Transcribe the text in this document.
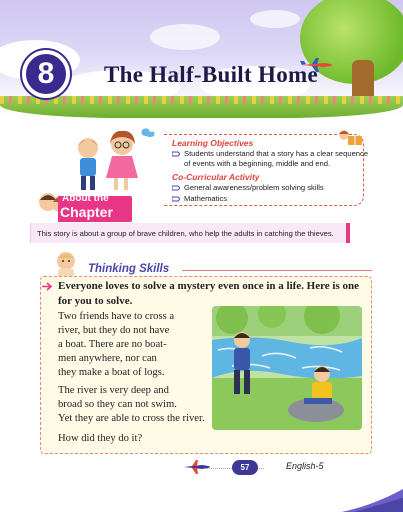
8 The Half-Built Home
About the
Chapter
Learning Objectives
Students understand that a story has a clear sequence
of events with a beginning, middle and end.
Co-Curricular Activity
General awareness/problem solving skills
Mathematics
This story is about a group of brave children, who help the adults in catching the thieves.
Thinking Skills
Everyone loves to solve a mystery even once in a life. Here is one
for you to solve.
Two friends have to cross a
river, but they do not have
a boat. There are no boat-
men anywhere, nor can
they make a boat of logs.
The river is very deep and
broad so they can not swim.
Yet they are able to cross the river.
How did they do it?
57	English-5
